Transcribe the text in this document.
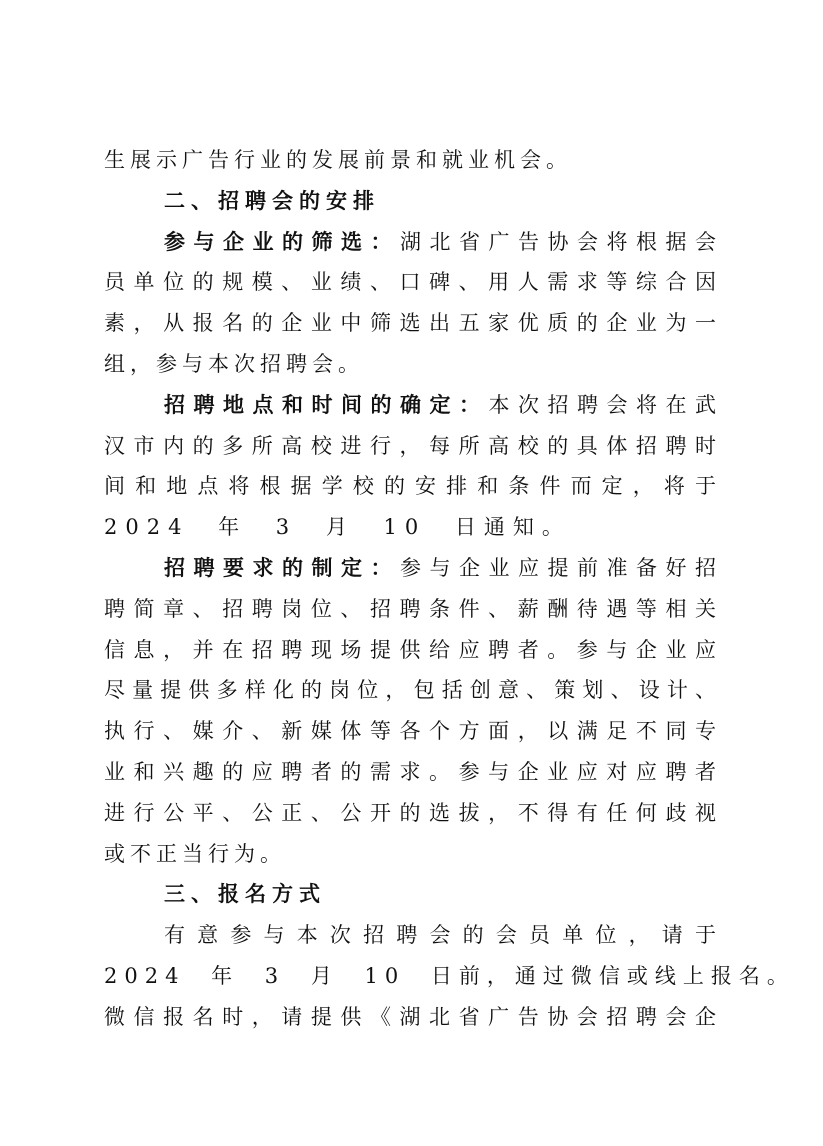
生展示广告行业的发展前景和就业机会。
二、招聘会的安排
参与企业的筛选：湖北省广告协会将根据会
员单位的规模、业绩、口碑、用人需求等综合因
素，从报名的企业中筛选出五家优质的企业为一
组，参与本次招聘会。
招聘地点和时间的确定：本次招聘会将在武
汉市内的多所高校进行，每所高校的具体招聘时
间和地点将根据学校的安排和条件而定，将于
2024 年 3 月 10 日通知。
招聘要求的制定：参与企业应提前准备好招
聘简章、招聘岗位、招聘条件、薪酬待遇等相关
信息，并在招聘现场提供给应聘者。参与企业应
尽量提供多样化的岗位，包括创意、策划、设计、
执行、媒介、新媒体等各个方面，以满足不同专
业和兴趣的应聘者的需求。参与企业应对应聘者
进行公平、公正、公开的选拔，不得有任何歧视
或不正当行为。
三、报名方式
有意参与本次招聘会的会员单位，请于
2024 年 3 月 10 日前，通过微信或线上报名。
微信报名时，请提供《湖北省广告协会招聘会企
